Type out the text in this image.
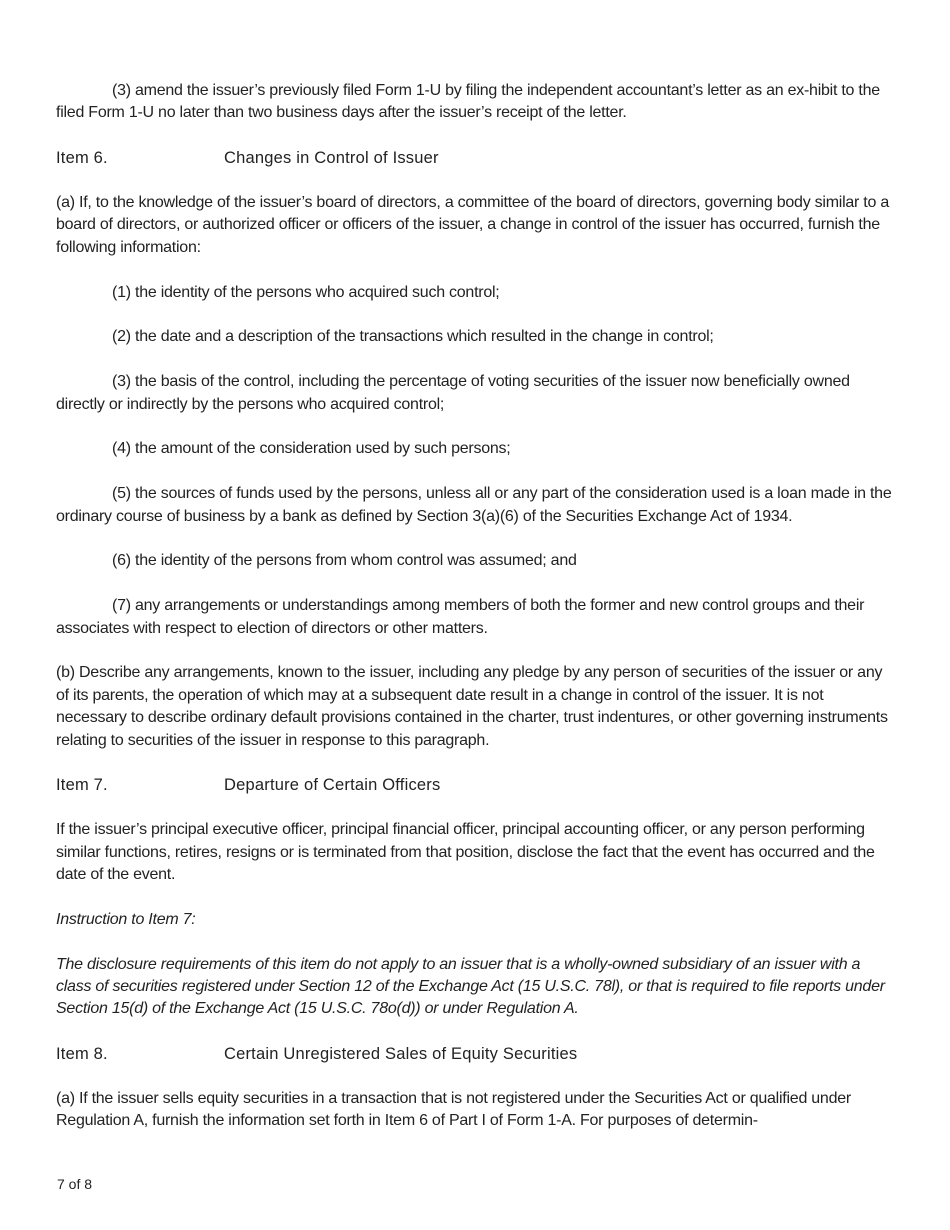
(3) amend the issuer’s previously filed Form 1-U by filing the independent accountant’s letter as an ex-hibit to the filed Form 1-U no later than two business days after the issuer’s receipt of the letter.

Item 6.	Changes in Control of Issuer

(a) If, to the knowledge of the issuer’s board of directors, a committee of the board of directors, governing body similar to a board of directors, or authorized officer or officers of the issuer, a change in control of the issuer has occurred, furnish the following information:

(1) the identity of the persons who acquired such control;

(2) the date and a description of the transactions which resulted in the change in control;

(3) the basis of the control, including the percentage of voting securities of the issuer now beneficially owned directly or indirectly by the persons who acquired control;

(4) the amount of the consideration used by such persons;

(5) the sources of funds used by the persons, unless all or any part of the consideration used is a loan made in the ordinary course of business by a bank as defined by Section 3(a)(6) of the Securities Exchange Act of 1934.

(6) the identity of the persons from whom control was assumed; and

(7) any arrangements or understandings among members of both the former and new control groups and their associates with respect to election of directors or other matters.

(b) Describe any arrangements, known to the issuer, including any pledge by any person of securities of the issuer or any of its parents, the operation of which may at a subsequent date result in a change in control of the issuer. It is not necessary to describe ordinary default provisions contained in the charter, trust indentures, or other governing instruments relating to securities of the issuer in response to this paragraph.

Item 7.	Departure of Certain Officers

If the issuer’s principal executive officer, principal financial officer, principal accounting officer, or any person performing similar functions, retires, resigns or is terminated from that position, disclose the fact that the event has occurred and the date of the event.

Instruction to Item 7:

The disclosure requirements of this item do not apply to an issuer that is a wholly-owned subsidiary of an issuer with a class of securities registered under Section 12 of the Exchange Act (15 U.S.C. 78l), or that is required to file reports under Section 15(d) of the Exchange Act (15 U.S.C. 78o(d)) or under Regulation A.

Item 8.	Certain Unregistered Sales of Equity Securities

(a) If the issuer sells equity securities in a transaction that is not registered under the Securities Act or qualified under Regulation A, furnish the information set forth in Item 6 of Part I of Form 1-A. For purposes of determin-

7 of 8
